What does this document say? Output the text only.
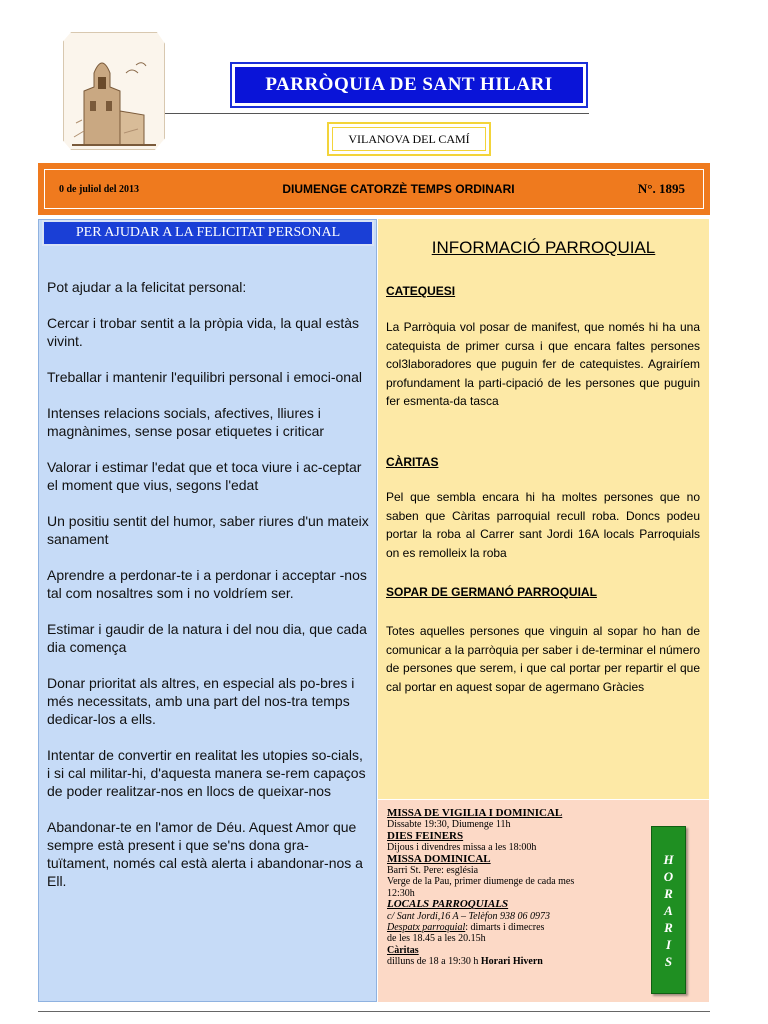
PARRÒQUIA DE SANT HILARI
VILANOVA DEL CAMÍ
0 de juliol del 2013	DIUMENGE CATORZÈ TEMPS ORDINARI	N°. 1895
PER AJUDAR A LA FELICITAT PERSONAL

Pot ajudar a la felicitat personal:

Cercar i trobar sentit a la pròpia vida, la qual estàs vivint.

Treballar i mantenir l'equilibri personal i emoci-onal

Intenses relacions socials, afectives, lliures i magnànimes, sense posar etiquetes i criticar

Valorar i estimar l'edat que et toca viure i ac-ceptar el moment que vius, segons l'edat

Un positiu sentit del humor, saber riures d'un mateix sanament

Aprendre a perdonar-te i a perdonar i acceptar -nos tal com nosaltres som i no voldríem ser.

Estimar i gaudir de la natura i del nou dia, que cada dia comença

Donar prioritat als altres, en especial als po-bres i més necessitats, amb una part del nos-tra temps dedicar-los a ells.

Intentar de convertir en realitat les utopies so-cials, i si cal militar-hi, d'aquesta manera se-rem capaços de poder realitzar-nos en llocs de queixar-nos

Abandonar-te en l'amor de Déu. Aquest Amor que sempre està present i que se'ns dona gra-tuïtament, només cal està alerta i abandonar-nos a Ell.

INFORMACIÓ PARROQUIAL
CATEQUESI
La Parròquia vol posar de manifest, que només hi ha una catequista de primer cursa i que encara faltes persones col3laboradores que puguin fer de catequistes. Agrairíem profundament la parti-cipació de les persones que puguin fer esmenta-da tasca
CÀRITAS
Pel que sembla encara hi ha moltes persones que no saben que Càritas parroquial recull roba. Doncs podeu portar la roba al Carrer sant Jordi 16A locals Parroquials on es remolleix la roba
SOPAR DE GERMANÓ PARROQUIAL
Totes aquelles persones que vinguin al sopar ho han de comunicar a la parròquia per saber i de-terminar el número de persones que serem, i que cal portar per repartir el que cal portar en aquest sopar de agermano Gràcies
MISSA DE VIGILIA I DOMINICAL
Dissabte 19:30, Diumenge 11h
DIES FEINERS
Dijous i divendres missa a les 18:00h
MISSA DOMINICAL
Barri St. Pere: església
Verge de la Pau, primer diumenge de cada mes
12:30h
LOCALS PARROQUIALS
c/ Sant Jordi,16 A – Telèfon 938 06 0973
Despatx parroquial: dimarts i dimecres
de les 18.45 a les 20.15h
Càritas
dilluns de 18 a 19:30 h Horari Hivern
H
O
R
A
R
I
S
